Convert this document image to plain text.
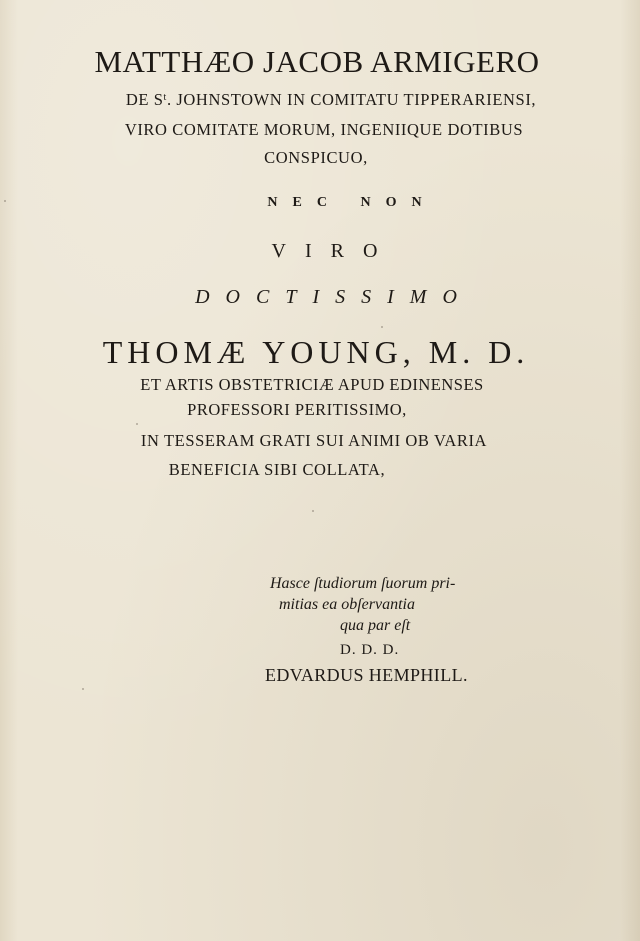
MATTHÆO JACOB ARMIGERO
DE $S^t$. JOHNSTOWN IN COMITATU TIPPERARIENSI,
VIRO COMITATE MORUM, INGENIIQUE DOTIBUS
CONSPICUO,
NEC NON
VIRO
DOCTISSIMO
THOMÆ YOUNG, M. D.
ET ARTIS OBSTETRICIÆ APUD EDINENSES
PROFESSORI PERITISSIMO,
IN TESSERAM GRATI SUI ANIMI OB VARIA
BENEFICIA SIBI COLLATA,
Hasce ſtudiorum ſuorum pri-
mitias ea obſervantia
qua par eſt
D. D. D.
EDVARDUS HEMPHILL.
